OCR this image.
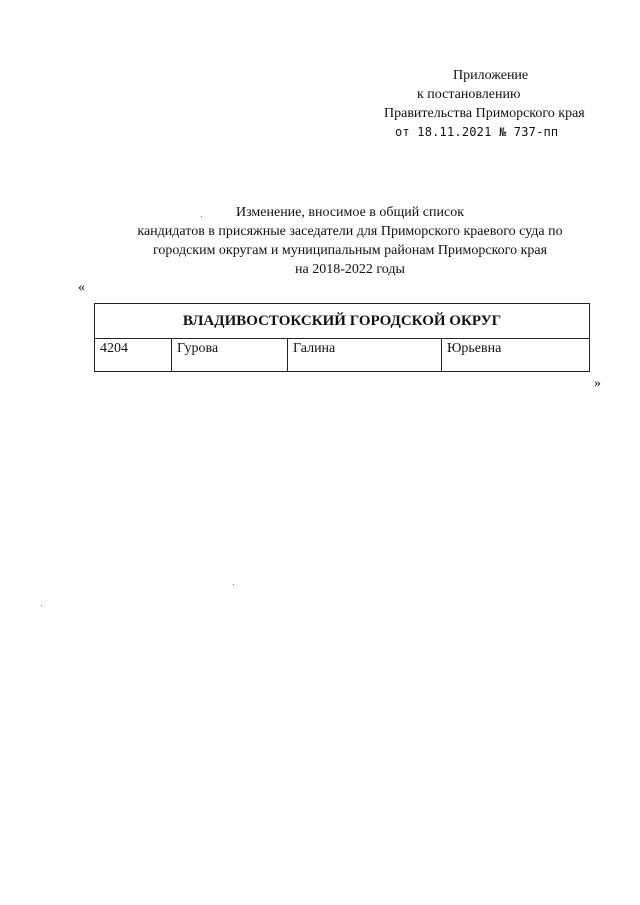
Приложение
к постановлению
Правительства Приморского края
от 18.11.2021 № 737-пп
Изменение, вносимое в общий список
кандидатов в присяжные заседатели для Приморского краевого суда по
городским округам и муниципальным районам Приморского края
на 2018-2022 годы
«
ВЛАДИВОСТОКСКИЙ ГОРОДСКОЙ ОКРУГ
4204	Гурова	Галина	Юрьевна
»
